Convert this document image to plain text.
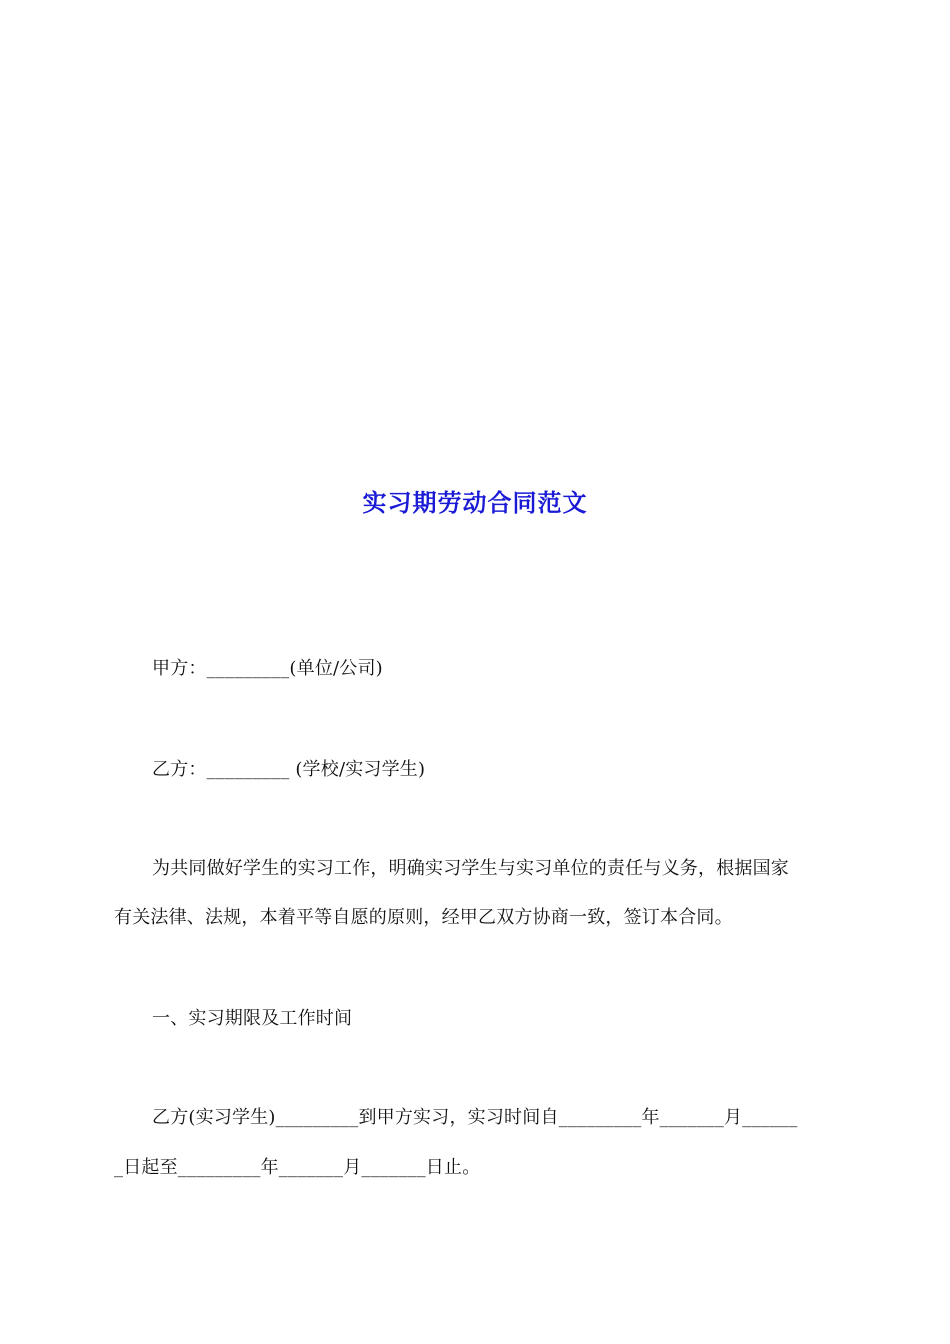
实习期劳动合同范文
甲方：_________(单位/公司)
乙方：_________ (学校/实习学生)
为共同做好学生的实习工作，明确实习学生与实习单位的责任与义务，根据国家
有关法律、法规，本着平等自愿的原则，经甲乙双方协商一致，签订本合同。
一、实习期限及工作时间
乙方(实习学生)_________到甲方实习，实习时间自_________年_______月______
_日起至_________年_______月_______日止。
